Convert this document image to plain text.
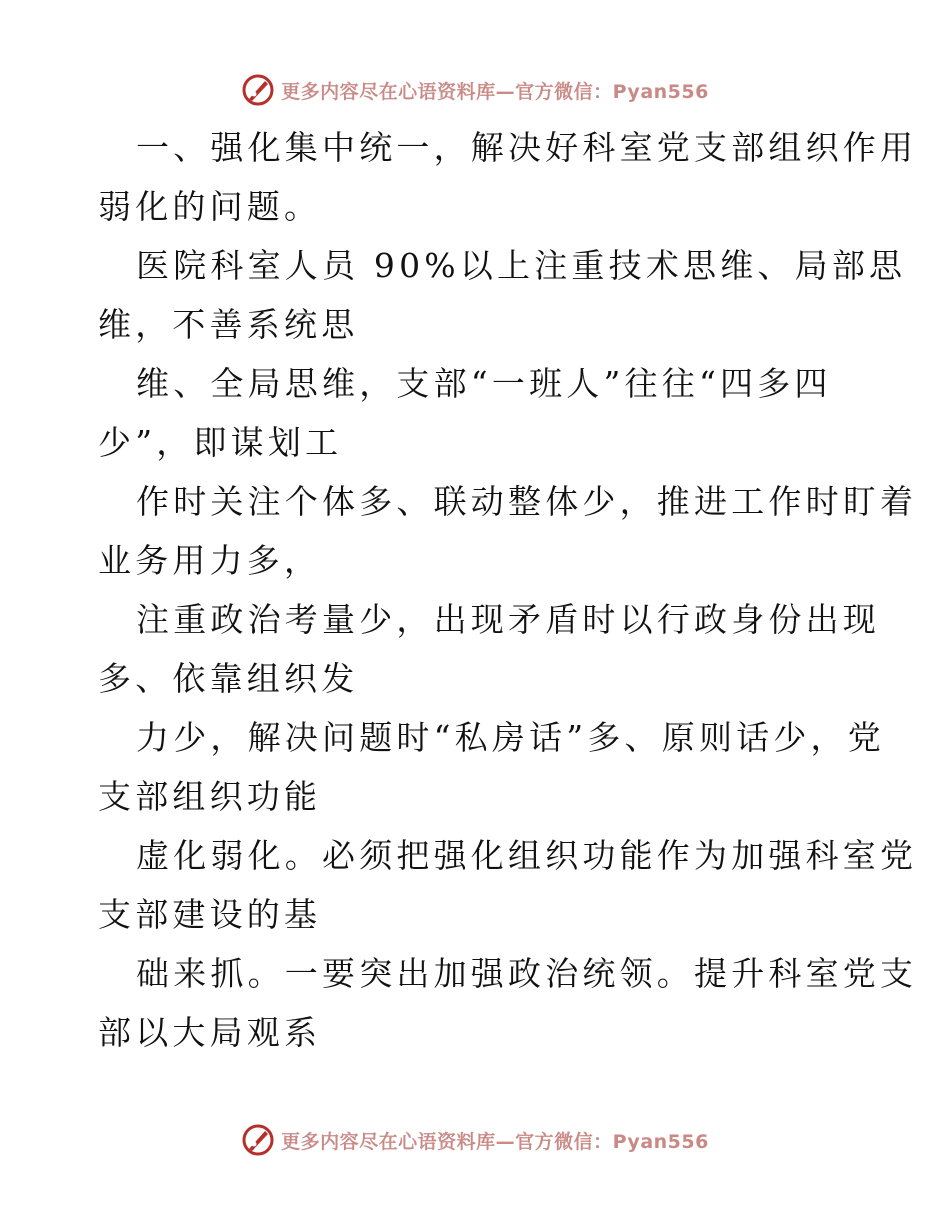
更多内容尽在心语资料库—官方微信：Pyan556
一、强化集中统一，解决好科室党支部组织作用
弱化的问题。
医院科室人员 90%以上注重技术思维、局部思
维，不善系统思
维、全局思维，支部“一班人”往往“四多四
少”，即谋划工
作时关注个体多、联动整体少，推进工作时盯着
业务用力多，
注重政治考量少，出现矛盾时以行政身份出现
多、依靠组织发
力少，解决问题时“私房话”多、原则话少，党
支部组织功能
虚化弱化。必须把强化组织功能作为加强科室党
支部建设的基
础来抓。一要突出加强政治统领。提升科室党支
部以大局观系
更多内容尽在心语资料库—官方微信：Pyan556
